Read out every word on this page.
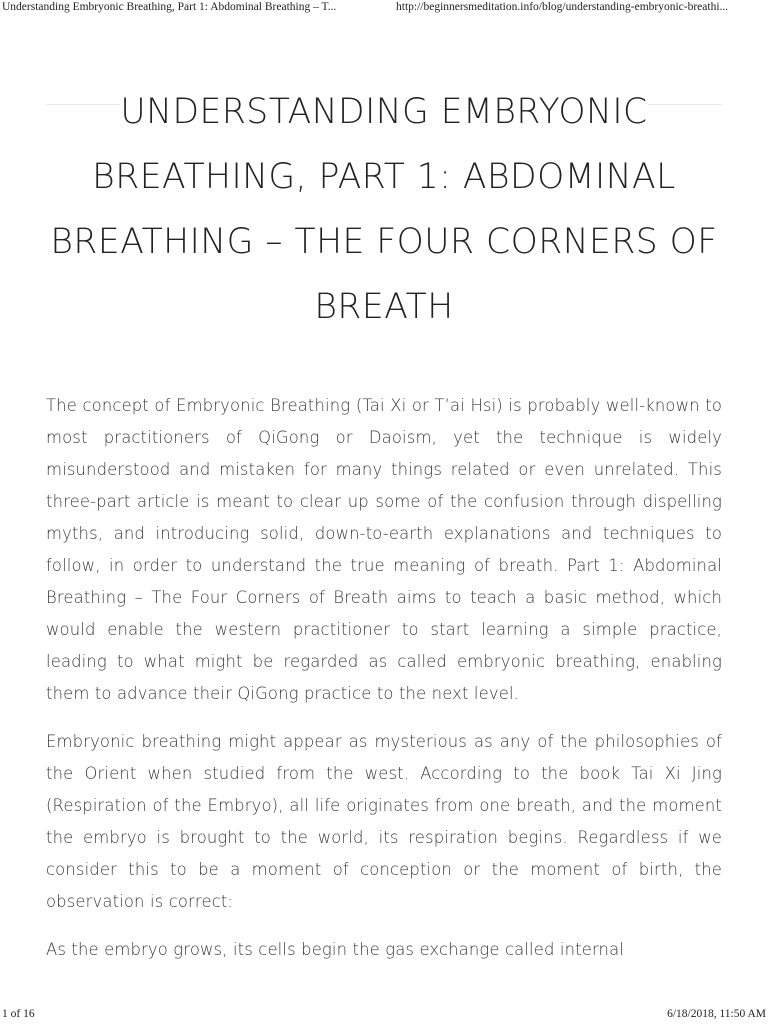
Understanding Embryonic Breathing, Part 1: Abdominal Breathing – T...	http://beginnersmeditation.info/blog/understanding-embryonic-breathi...
UNDERSTANDING EMBRYONIC BREATHING, PART 1: ABDOMINAL BREATHING – THE FOUR CORNERS OF BREATH

The concept of Embryonic Breathing (Tai Xi or T’ai Hsi) is probably well-known to most practitioners of QiGong or Daoism, yet the technique is widely misunderstood and mistaken for many things related or even unrelated. This three-part article is meant to clear up some of the confusion through dispelling myths, and introducing solid, down-to-earth explanations and techniques to follow, in order to understand the true meaning of breath. Part 1: Abdominal Breathing – The Four Corners of Breath aims to teach a basic method, which would enable the western practitioner to start learning a simple practice, leading to what might be regarded as called embryonic breathing, enabling them to advance their QiGong practice to the next level.

Embryonic breathing might appear as mysterious as any of the philosophies of the Orient when studied from the west. According to the book Tai Xi Jing (Respiration of the Embryo), all life originates from one breath, and the moment the embryo is brought to the world, its respiration begins. Regardless if we consider this to be a moment of conception or the moment of birth, the observation is correct:

As the embryo grows, its cells begin the gas exchange called internal

1 of 16	6/18/2018, 11:50 AM
